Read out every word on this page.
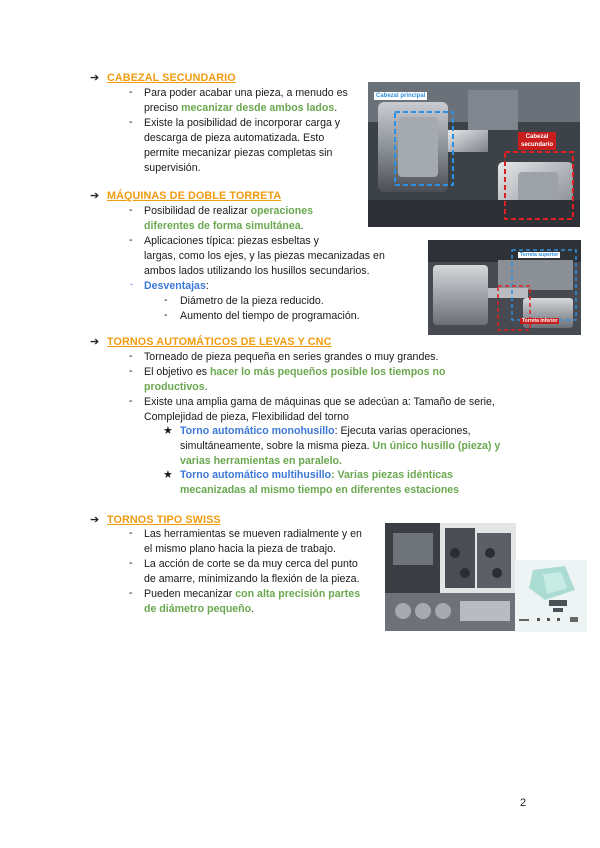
➔ CABEZAL SECUNDARIO
- Para poder acabar una pieza, a menudo es
preciso mecanizar desde ambos lados.
- Existe la posibilidad de incorporar carga y
descarga de pieza automatizada. Esto
permite mecanizar piezas completas sin
supervisión.
Cabezal principal
Cabezal
secundario
➔ MÁQUINAS DE DOBLE TORRETA
- Posibilidad de realizar operaciones
diferentes de forma simultánea.
- Aplicaciones típica: piezas esbeltas y
largas, como los ejes, y las piezas mecanizadas en
ambos lados utilizando los husillos secundarios.
- Desventajas:
- Diámetro de la pieza reducido.
- Aumento del tiempo de programación.
Torreta superior
Torreta inferior
➔ TORNOS AUTOMÁTICOS DE LEVAS Y CNC
- Torneado de pieza pequeña en series grandes o muy grandes.
- El objetivo es hacer lo más pequeños posible los tiempos no
productivos.
- Existe una amplia gama de máquinas que se adecúan a: Tamaño de serie,
Complejidad de pieza, Flexibilidad del torno
★ Torno automático monohusillo: Ejecuta varias operaciones,
simultáneamente, sobre la misma pieza. Un único husillo (pieza) y
varias herramientas en paralelo.
★ Torno automático multihusillo: Varias piezas idénticas
mecanizadas al mismo tiempo en diferentes estaciones
➔ TORNOS TIPO SWISS
- Las herramientas se mueven radialmente y en
el mismo plano hacia la pieza de trabajo.
- La acción de corte se da muy cerca del punto
de amarre, minimizando la flexión de la pieza.
- Pueden mecanizar con alta precisión partes
de diámetro pequeño.
2
